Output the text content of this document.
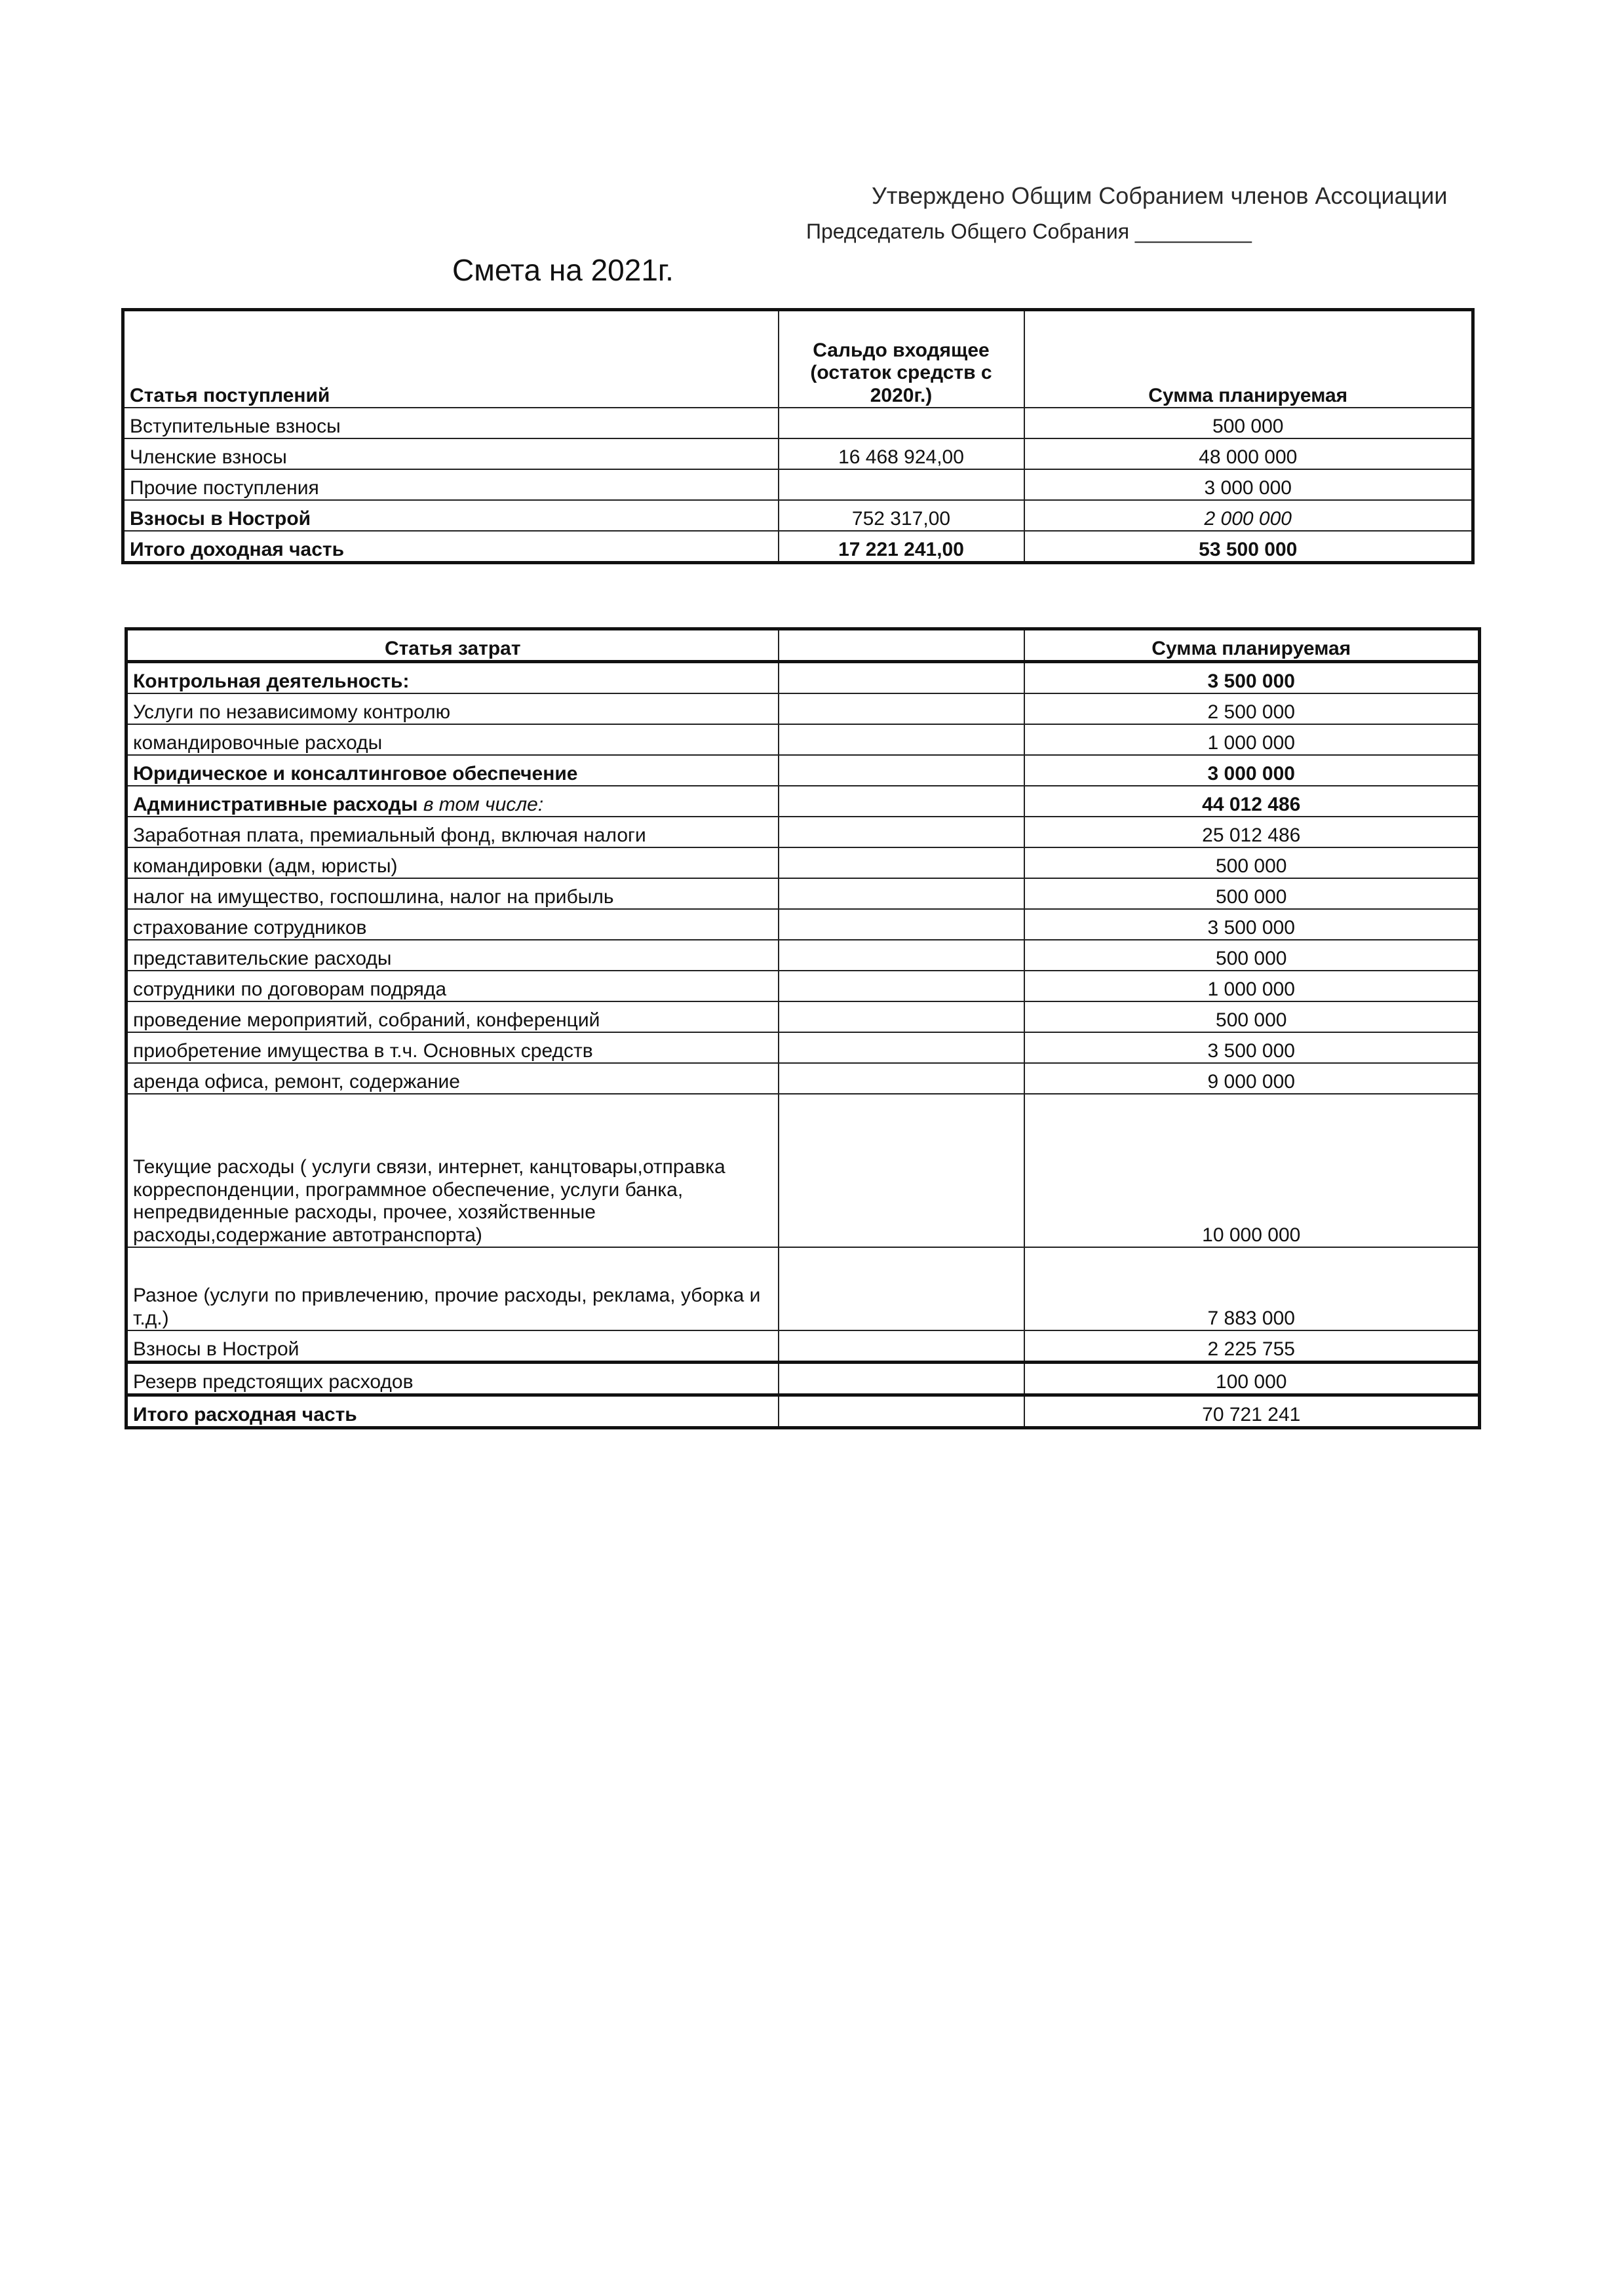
Утверждено Общим Собранием членов Ассоциации
Председатель Общего Собрания __________
Смета на 2021г.
Статья поступлений	Сальдо входящее (остаток средств с 2020г.)	Сумма планируемая
Вступительные взносы		500 000
Членские взносы	16 468 924,00	48 000 000
Прочие поступления		3 000 000
Взносы в Нострой	752 317,00	2 000 000
Итого доходная часть	17 221 241,00	53 500 000
Статья затрат		Сумма планируемая
Контрольная деятельность:		3 500 000
Услуги по независимому контролю		2 500 000
командировочные расходы		1 000 000
Юридическое и консалтинговое обеспечение		3 000 000
Административные расходы в том числе:		44 012 486
Заработная плата, премиальный фонд, включая налоги		25 012 486
командировки (адм, юристы)		500 000
налог на имущество, госпошлина, налог на прибыль		500 000
страхование сотрудников		3 500 000
представительские расходы		500 000
сотрудники по договорам подряда		1 000 000
проведение мероприятий, собраний, конференций		500 000
приобретение имущества в т.ч. Основных средств		3 500 000
аренда офиса, ремонт, содержание		9 000 000
Текущие расходы ( услуги связи, интернет, канцтовары,отправка корреспонденции, программное обеспечение, услуги банка, непредвиденные расходы, прочее, хозяйственные расходы,содержание автотранспорта)		10 000 000
Разное (услуги по привлечению, прочие расходы, реклама, уборка и т.д.)		7 883 000
Взносы в Нострой		2 225 755
Резерв предстоящих расходов		100 000
Итого расходная часть		70 721 241
